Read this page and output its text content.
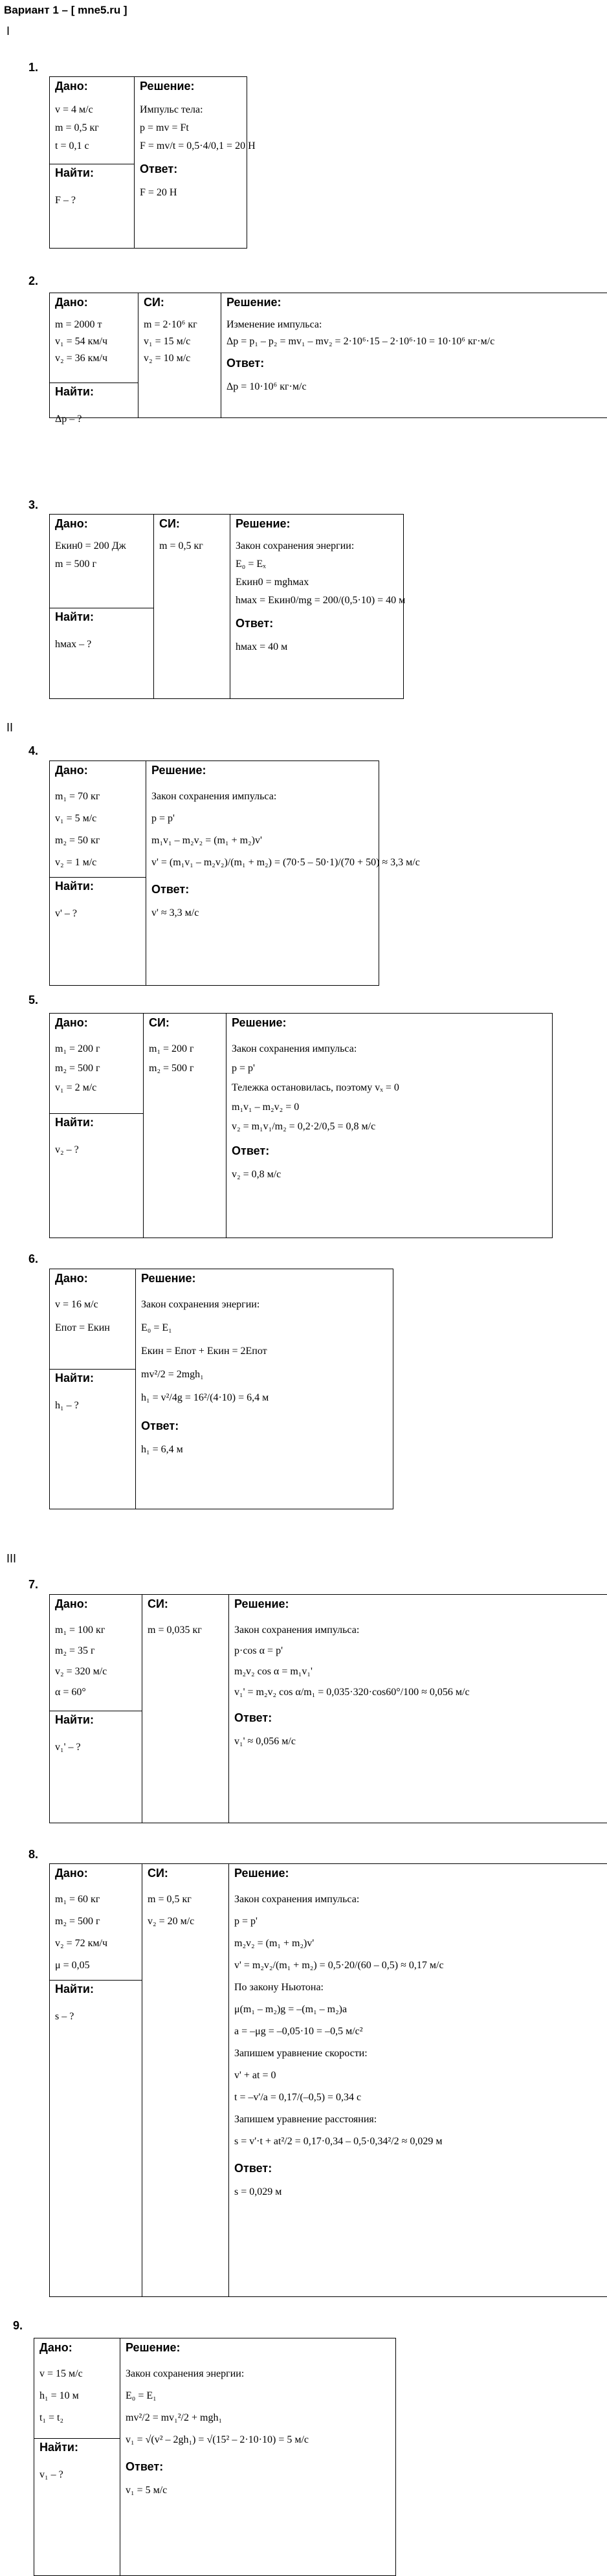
Вариант 1 – [ mne5.ru ]
I
II
III
1.
Дано:
v = 4 м/с
m = 0,5 кг
t = 0,1 с
Найти:
F – ?
Решение:
Импульс тела:
p = mv = Ft
F = mv/t = 0,5·4/0,1 = 20 Н
Ответ:
F = 20 Н
2.
Дано:
m = 2000 т
v₁ = 54 км/ч
v₂ = 36 км/ч
Найти:
Δp – ?
СИ:
m = 2·10⁶ кг
v₁ = 15 м/с
v₂ = 10 м/с
Решение:
Изменение импульса:
Δp = p₁ – p₂ = mv₁ – mv₂ = 2·10⁶·15 – 2·10⁶·10 = 10·10⁶ кг·м/с
Ответ:
Δp = 10·10⁶ кг·м/с
3.
Дано:
Eкин0 = 200 Дж
m = 500 г
Найти:
hмах – ?
СИ:
m = 0,5 кг
Решение:
Закон сохранения энергии:
E₀ = Eₓ
Eкин0 = mghмах
hмах = Eкин0/mg = 200/(0,5·10) = 40 м
Ответ:
hмах = 40 м
4.
Дано:
m₁ = 70 кг
v₁ = 5 м/с
m₂ = 50 кг
v₂ = 1 м/с
Найти:
v' – ?
Решение:
Закон сохранения импульса:
p = p'
m₁v₁ – m₂v₂ = (m₁ + m₂)v'
v' = (m₁v₁ – m₂v₂)/(m₁ + m₂) = (70·5 – 50·1)/(70 + 50) ≈ 3,3 м/с
Ответ:
v' ≈ 3,3 м/с
5.
Дано:
m₁ = 200 г
m₂ = 500 г
v₁ = 2 м/с
Найти:
v₂ – ?
СИ:
m₁ = 200 г
m₂ = 500 г
Решение:
Закон сохранения импульса:
p = p'
Тележка остановилась, поэтому vₓ = 0
m₁v₁ – m₂v₂ = 0
v₂ = m₁v₁/m₂ = 0,2·2/0,5 = 0,8 м/с
Ответ:
v₂ = 0,8 м/с
6.
Дано:
v = 16 м/с
Eпот = Eкин
Найти:
h₁ – ?
Решение:
Закон сохранения энергии:
E₀ = E₁
Eкин = Eпот + Eкин = 2Eпот
mv²/2 = 2mgh₁
h₁ = v²/4g = 16²/(4·10) = 6,4 м
Ответ:
h₁ = 6,4 м
7.
Дано:
m₁ = 100 кг
m₂ = 35 г
v₂ = 320 м/с
α = 60°
Найти:
v₁' – ?
СИ:
m = 0,035 кг
Решение:
Закон сохранения импульса:
p·cos α = p'
m₂v₂ cos α = m₁v₁'
v₁' = m₂v₂ cos α/m₁ = 0,035·320·cos60°/100 ≈ 0,056 м/с
Ответ:
v₁' ≈ 0,056 м/с
8.
Дано:
m₁ = 60 кг
m₂ = 500 г
v₂ = 72 км/ч
μ = 0,05
Найти:
s – ?
СИ:
m = 0,5 кг
v₂ = 20 м/с
Решение:
Закон сохранения импульса:
p = p'
m₂v₂ = (m₁ + m₂)v'
v' = m₂v₂/(m₁ + m₂) = 0,5·20/(60 – 0,5) ≈ 0,17 м/с
По закону Ньютона:
μ(m₁ – m₂)g = –(m₁ – m₂)a
a = –μg = –0,05·10 = –0,5 м/с²
Запишем уравнение скорости:
v' + at = 0
t = –v'/a = 0,17/(–0,5) = 0,34 с
Запишем уравнение расстояния:
s = v'·t + at²/2 = 0,17·0,34 – 0,5·0,34²/2 ≈ 0,029 м
Ответ:
s = 0,029 м
9.
Дано:
v = 15 м/с
h₁ = 10 м
t₁ = t₂
Найти:
v₁ – ?
Решение:
Закон сохранения энергии:
E₀ = E₁
mv²/2 = mv₁²/2 + mgh₁
v₁ = √(v² – 2gh₁) = √(15² – 2·10·10) = 5 м/с
Ответ:
v₁ = 5 м/с
